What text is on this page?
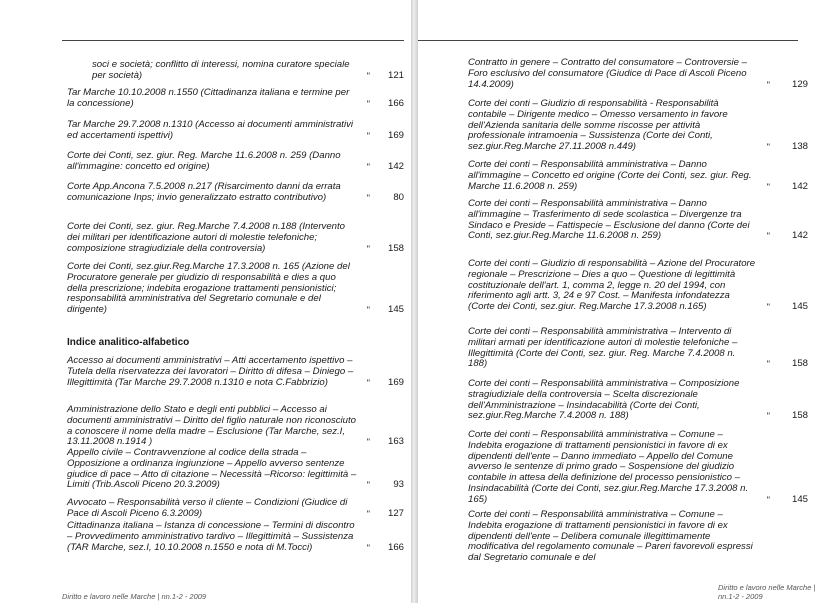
soci e società; conflitto di interessi, nomina curatore speciale per società)	" 121
Tar Marche 10.10.2008 n.1550 (Cittadinanza italiana e termine per la concessione)	" 166
Tar Marche 29.7.2008 n.1310 (Accesso ai documenti amministrativi ed accertamenti ispettivi)	" 169
Corte dei Conti, sez. giur. Reg. Marche 11.6.2008 n. 259 (Danno all'immagine: concetto ed origine)	" 142
Corte App.Ancona 7.5.2008 n.217 (Risarcimento danni da errata comunicazione Inps; invio generalizzato estratto contributivo)	" 80
Corte dei Conti, sez. giur. Reg.Marche 7.4.2008 n.188 (Intervento dei militari per identificazione autori di molestie telefoniche; composizione stragiudiziale della controversia)	" 158
Corte dei Conti, sez.giur.Reg.Marche 17.3.2008 n. 165 (Azione del Procuratore generale per giudizio di responsabilità e dies a quo della prescrizione; indebita erogazione trattamenti pensionistici; responsabilità amministrativa del Segretario comunale e del dirigente)	" 145
Indice analitico-alfabetico
Accesso ai documenti amministrativi – Atti accertamento ispettivo – Tutela della riservatezza dei lavoratori – Diritto di difesa – Diniego – Illegittimità (Tar Marche 29.7.2008 n.1310 e nota C.Fabbrizio)	" 169
Amministrazione dello Stato e degli enti pubblici – Accesso ai documenti amministrativi – Diritto del figlio naturale non riconosciuto a conoscere il nome della madre – Esclusione (Tar Marche, sez.I, 13.11.2008 n.1914 )	" 163
Appello civile – Contravvenzione al codice della strada – Opposizione a ordinanza ingiunzione – Appello avverso sentenze giudice di pace – Atto di citazione – Necessità –Ricorso: legittimità – Limiti (Trib.Ascoli Piceno 20.3.2009)	" 93
Avvocato – Responsabilità verso il cliente – Condizioni (Giudice di Pace di Ascoli Piceno 6.3.2009)	" 127
Cittadinanza italiana – Istanza di concessione – Termini di discontro – Provvedimento amministrativo tardivo – Illegittimità – Sussistenza (TAR Marche, sez.I, 10.10.2008 n.1550 e nota di M.Tocci)	" 166
Diritto e lavoro nelle Marche | nn.1-2 - 2009
Contratto in genere – Contratto del consumatore – Controversie – Foro esclusivo del consumatore (Giudice di Pace di Ascoli Piceno 14.4.2009)	" 129
Corte dei conti – Giudizio di responsabilità - Responsabilità contabile – Dirigente medico – Omesso versamento in favore dell'Azienda sanitaria delle somme riscosse per attività professionale intramoenia – Sussistenza (Corte dei Conti, sez.giur.Reg.Marche 27.11.2008 n.449)	" 138
Corte dei conti – Responsabilità amministrativa – Danno all'immagine – Concetto ed origine (Corte dei Conti, sez. giur. Reg. Marche 11.6.2008 n. 259)	" 142
Corte dei conti – Responsabilità amministrativa – Danno all'immagine – Trasferimento di sede scolastica – Divergenze tra Sindaco e Preside – Fattispecie – Esclusione del danno (Corte dei Conti, sez.giur.Reg.Marche 11.6.2008 n. 259)	" 142
Corte dei conti – Giudizio di responsabilità – Azione del Procuratore regionale – Prescrizione – Dies a quo – Questione di legittimità costituzionale dell'art. 1, comma 2, legge n. 20 del 1994, con riferimento agli artt. 3, 24 e 97 Cost. – Manifesta infondatezza (Corte dei Conti, sez.giur. Reg.Marche 17.3.2008 n.165)	" 145
Corte dei conti – Responsabilità amministrativa – Intervento di militari armati per identificazione autori di molestie telefoniche – Illegittimità (Corte dei Conti, sez. giur. Reg. Marche 7.4.2008 n. 188)	" 158
Corte dei conti – Responsabilità amministrativa – Composizione stragiudiziale della controversia – Scelta discrezionale dell'Amministrazione – Insindacabilità (Corte dei Conti, sez.giur.Reg.Marche 7.4.2008 n. 188)	" 158
Corte dei conti – Responsabilità amministrativa – Comune – Indebita erogazione di trattamenti pensionistici in favore di ex dipendenti dell'ente – Danno immediato – Appello del Comune avverso le sentenze di primo grado – Sospensione del giudizio contabile in attesa della definizione del processo pensionistico – Insindacabilità (Corte dei Conti, sez.giur.Reg.Marche 17.3.2008 n. 165)	" 145
Corte dei conti – Responsabilità amministrativa – Comune – Indebita erogazione di trattamenti pensionistici in favore di ex dipendenti dell'ente – Delibera comunale illegittimamente modificativa del regolamento comunale – Pareri favorevoli espressi dal Segretario comunale e del
Diritto e lavoro nelle Marche | nn.1-2 - 2009
